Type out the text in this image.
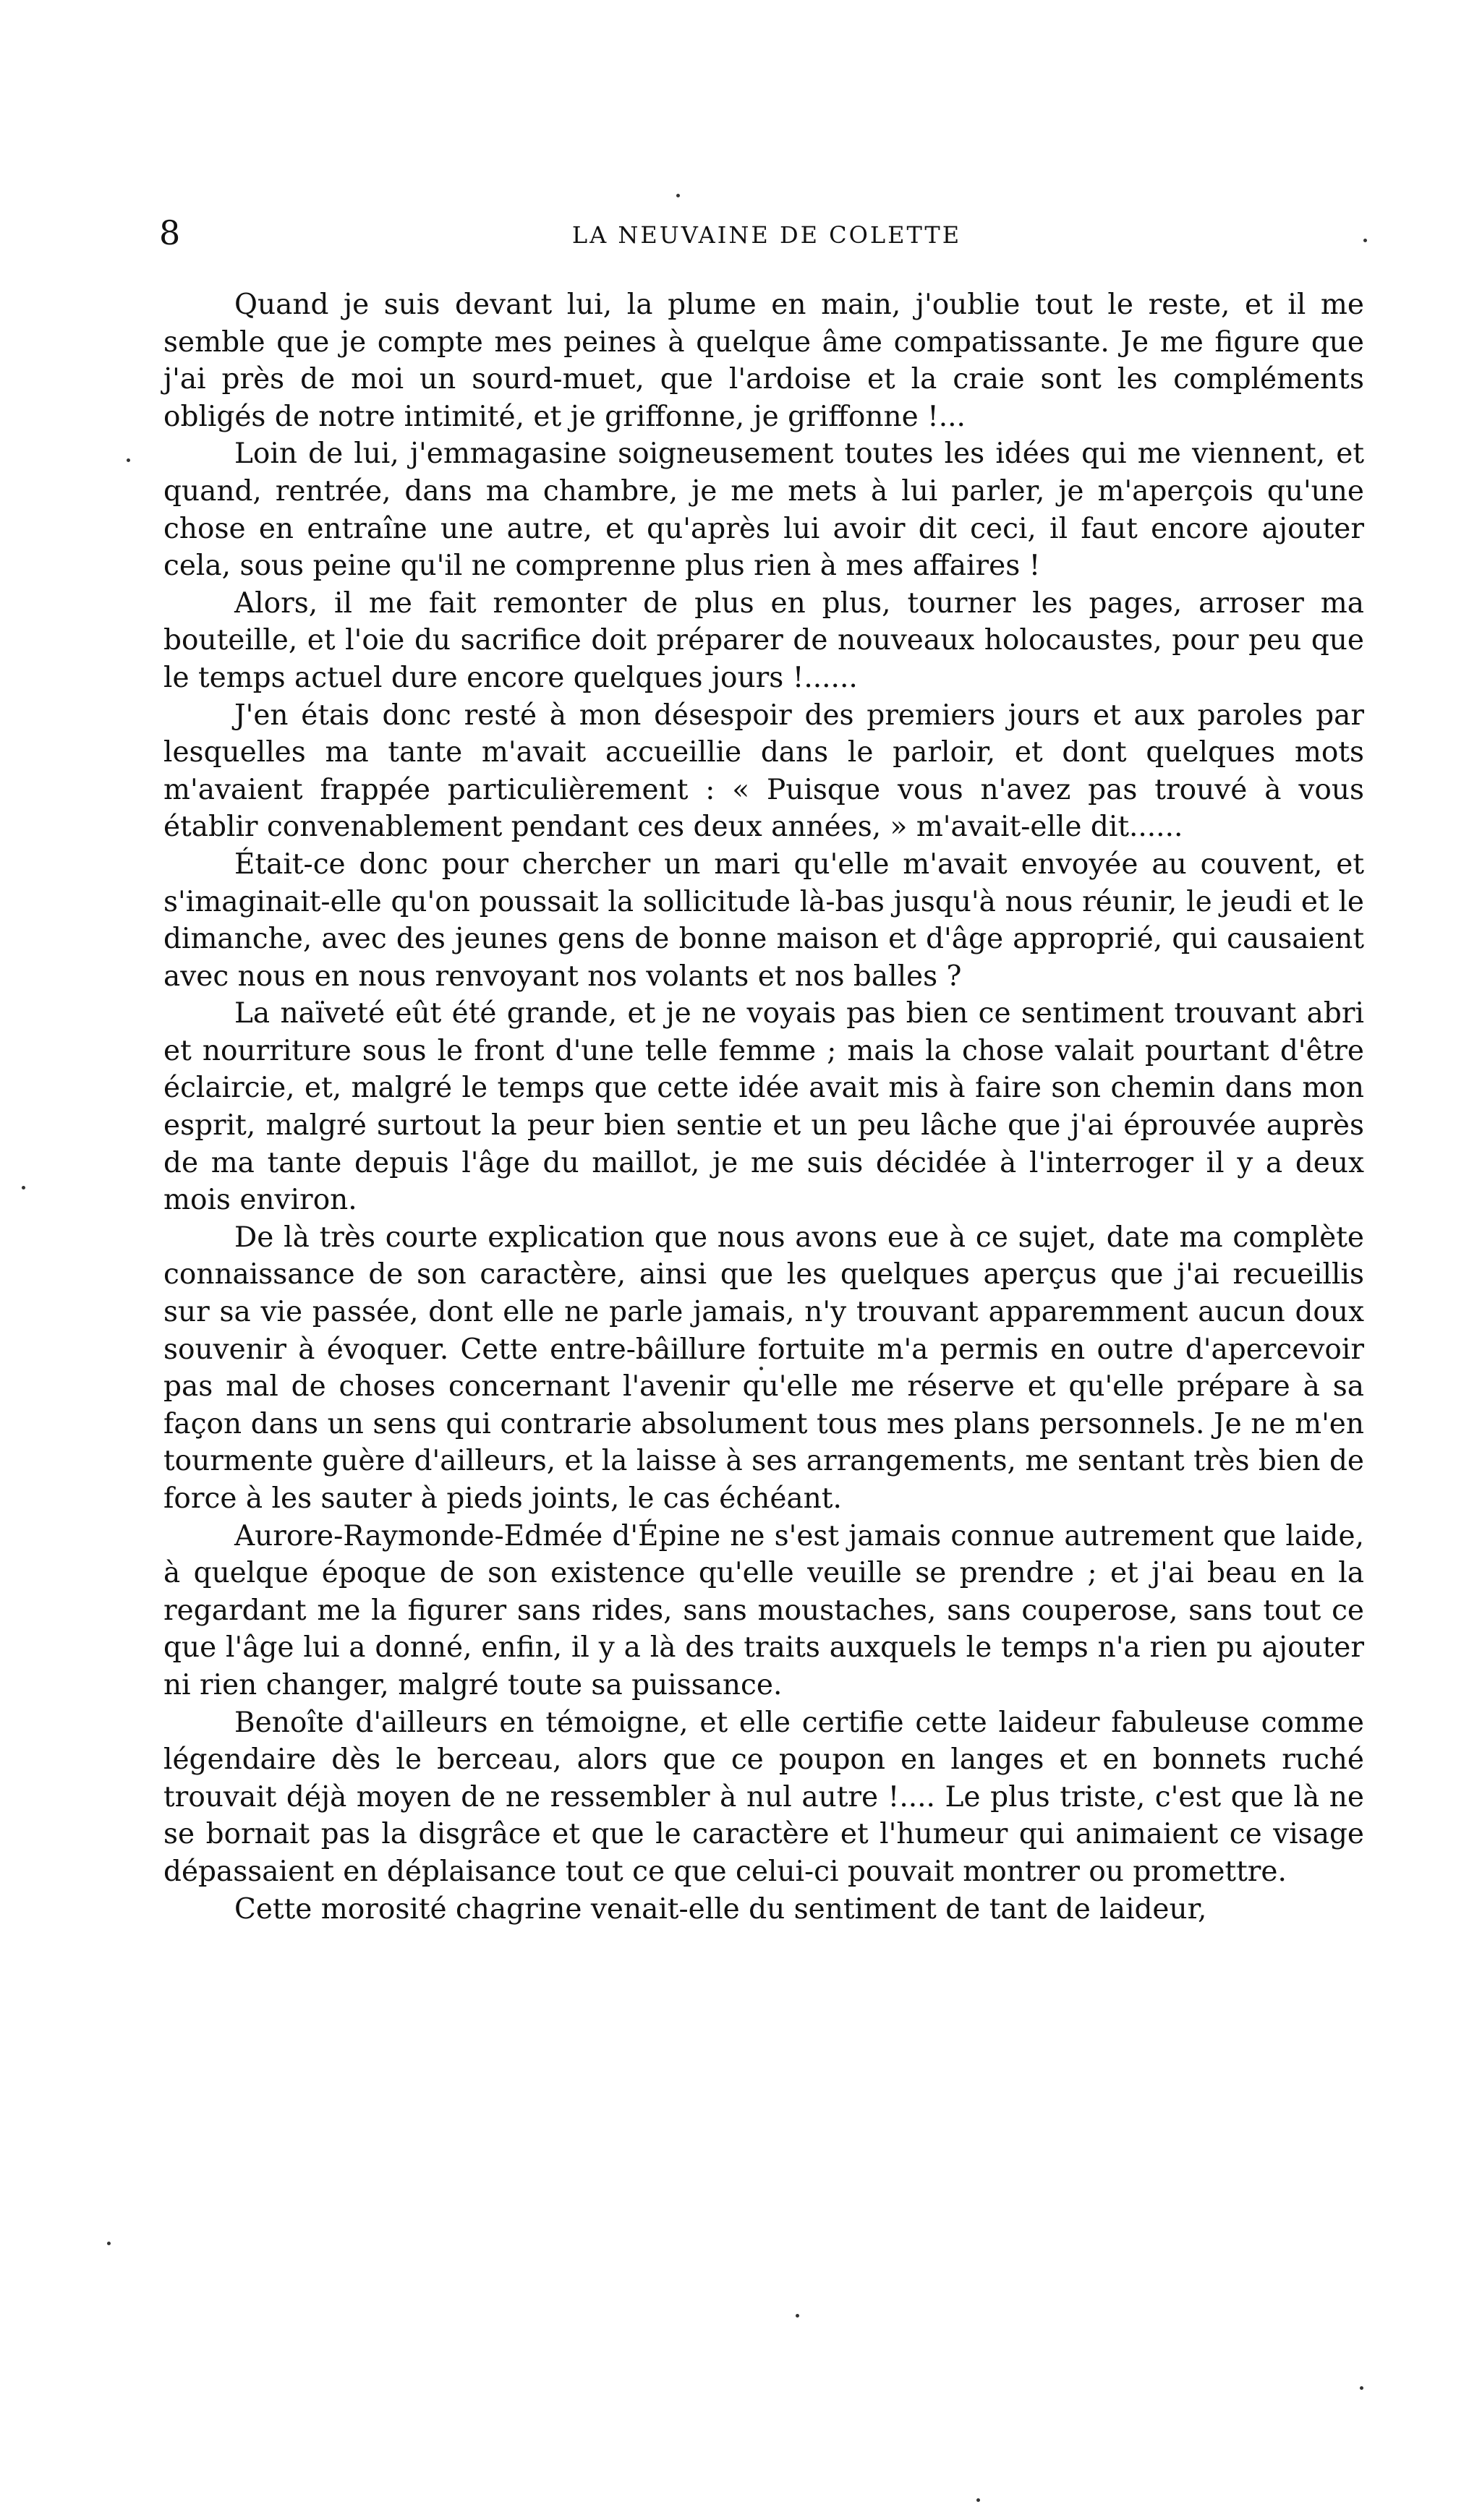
8	LA NEUVAINE DE COLETTE

Quand je suis devant lui, la plume en main, j'oublie tout le reste, et il me semble que je compte mes peines à quelque âme compatissante. Je me figure que j'ai près de moi un sourd-muet, que l'ardoise et la craie sont les compléments obligés de notre intimité, et je griffonne, je griffonne !...

Loin de lui, j'emmagasine soigneusement toutes les idées qui me viennent, et quand, rentrée, dans ma chambre, je me mets à lui parler, je m'aperçois qu'une chose en entraîne une autre, et qu'après lui avoir dit ceci, il faut encore ajouter cela, sous peine qu'il ne comprenne plus rien à mes affaires !

Alors, il me fait remonter de plus en plus, tourner les pages, arroser ma bouteille, et l'oie du sacrifice doit préparer de nouveaux holocaustes, pour peu que le temps actuel dure encore quelques jours !......

J'en étais donc resté à mon désespoir des premiers jours et aux paroles par lesquelles ma tante m'avait accueillie dans le parloir, et dont quelques mots m'avaient frappée particulièrement : « Puisque vous n'avez pas trouvé à vous établir convenablement pendant ces deux années, » m'avait-elle dit......

Était-ce donc pour chercher un mari qu'elle m'avait envoyée au couvent, et s'imaginait-elle qu'on poussait la sollicitude là-bas jusqu'à nous réunir, le jeudi et le dimanche, avec des jeunes gens de bonne maison et d'âge approprié, qui causaient avec nous en nous renvoyant nos volants et nos balles ?

La naïveté eût été grande, et je ne voyais pas bien ce sentiment trouvant abri et nourriture sous le front d'une telle femme ; mais la chose valait pourtant d'être éclaircie, et, malgré le temps que cette idée avait mis à faire son chemin dans mon esprit, malgré surtout la peur bien sentie et un peu lâche que j'ai éprouvée auprès de ma tante depuis l'âge du maillot, je me suis décidée à l'interroger il y a deux mois environ.

De là très courte explication que nous avons eue à ce sujet, date ma complète connaissance de son caractère, ainsi que les quelques aperçus que j'ai recueillis sur sa vie passée, dont elle ne parle jamais, n'y trouvant apparemment aucun doux souvenir à évoquer. Cette entre-bâillure fortuite m'a permis en outre d'apercevoir pas mal de choses concernant l'avenir qu'elle me réserve et qu'elle prépare à sa façon dans un sens qui contrarie absolument tous mes plans personnels. Je ne m'en tourmente guère d'ailleurs, et la laisse à ses arrangements, me sentant très bien de force à les sauter à pieds joints, le cas échéant.

Aurore-Raymonde-Edmée d'Épine ne s'est jamais connue autrement que laide, à quelque époque de son existence qu'elle veuille se prendre ; et j'ai beau en la regardant me la figurer sans rides, sans moustaches, sans couperose, sans tout ce que l'âge lui a donné, enfin, il y a là des traits auxquels le temps n'a rien pu ajouter ni rien changer, malgré toute sa puissance.

Benoîte d'ailleurs en témoigne, et elle certifie cette laideur fabuleuse comme légendaire dès le berceau, alors que ce poupon en langes et en bonnets ruché trouvait déjà moyen de ne ressembler à nul autre !.... Le plus triste, c'est que là ne se bornait pas la disgrâce et que le caractère et l'humeur qui animaient ce visage dépassaient en déplaisance tout ce que celui-ci pouvait montrer ou promettre.

Cette morosité chagrine venait-elle du sentiment de tant de laideur,
